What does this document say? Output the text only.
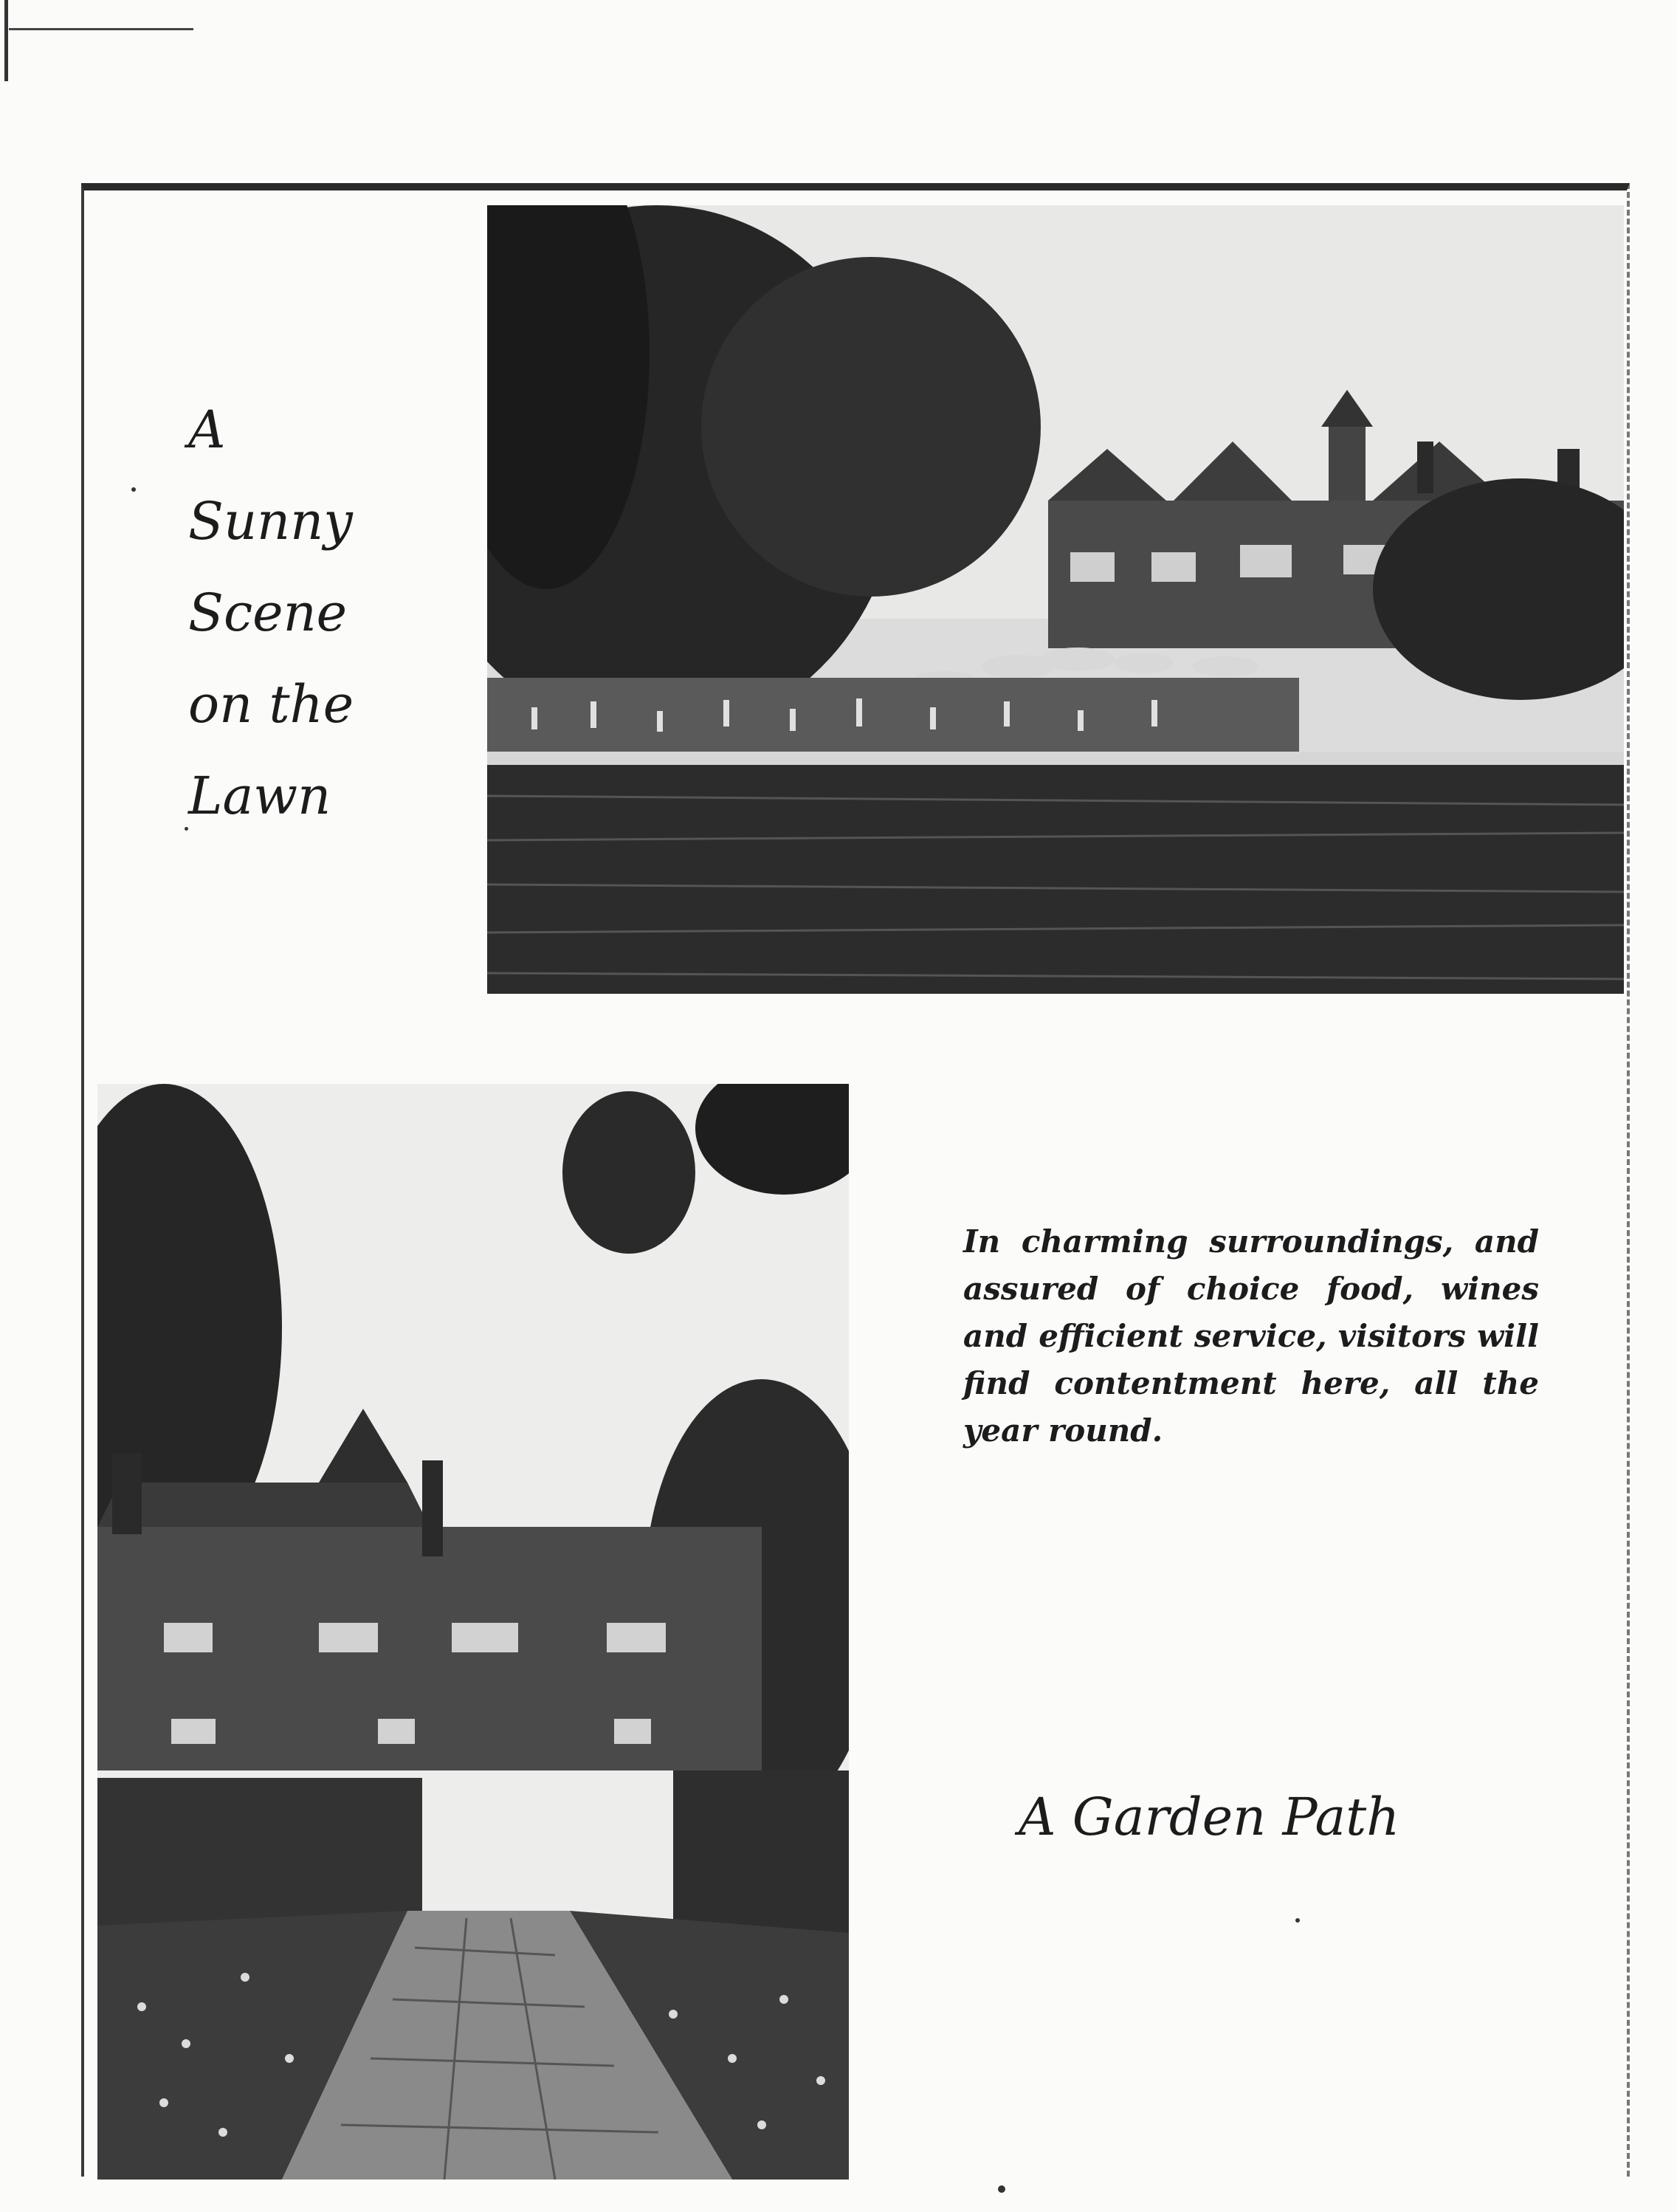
A
Sunny
Scene
on the
Lawn
In charming surroundings, and assured of choice food, wines and efficient service, visitors will find contentment here, all the year round.
A Garden Path
